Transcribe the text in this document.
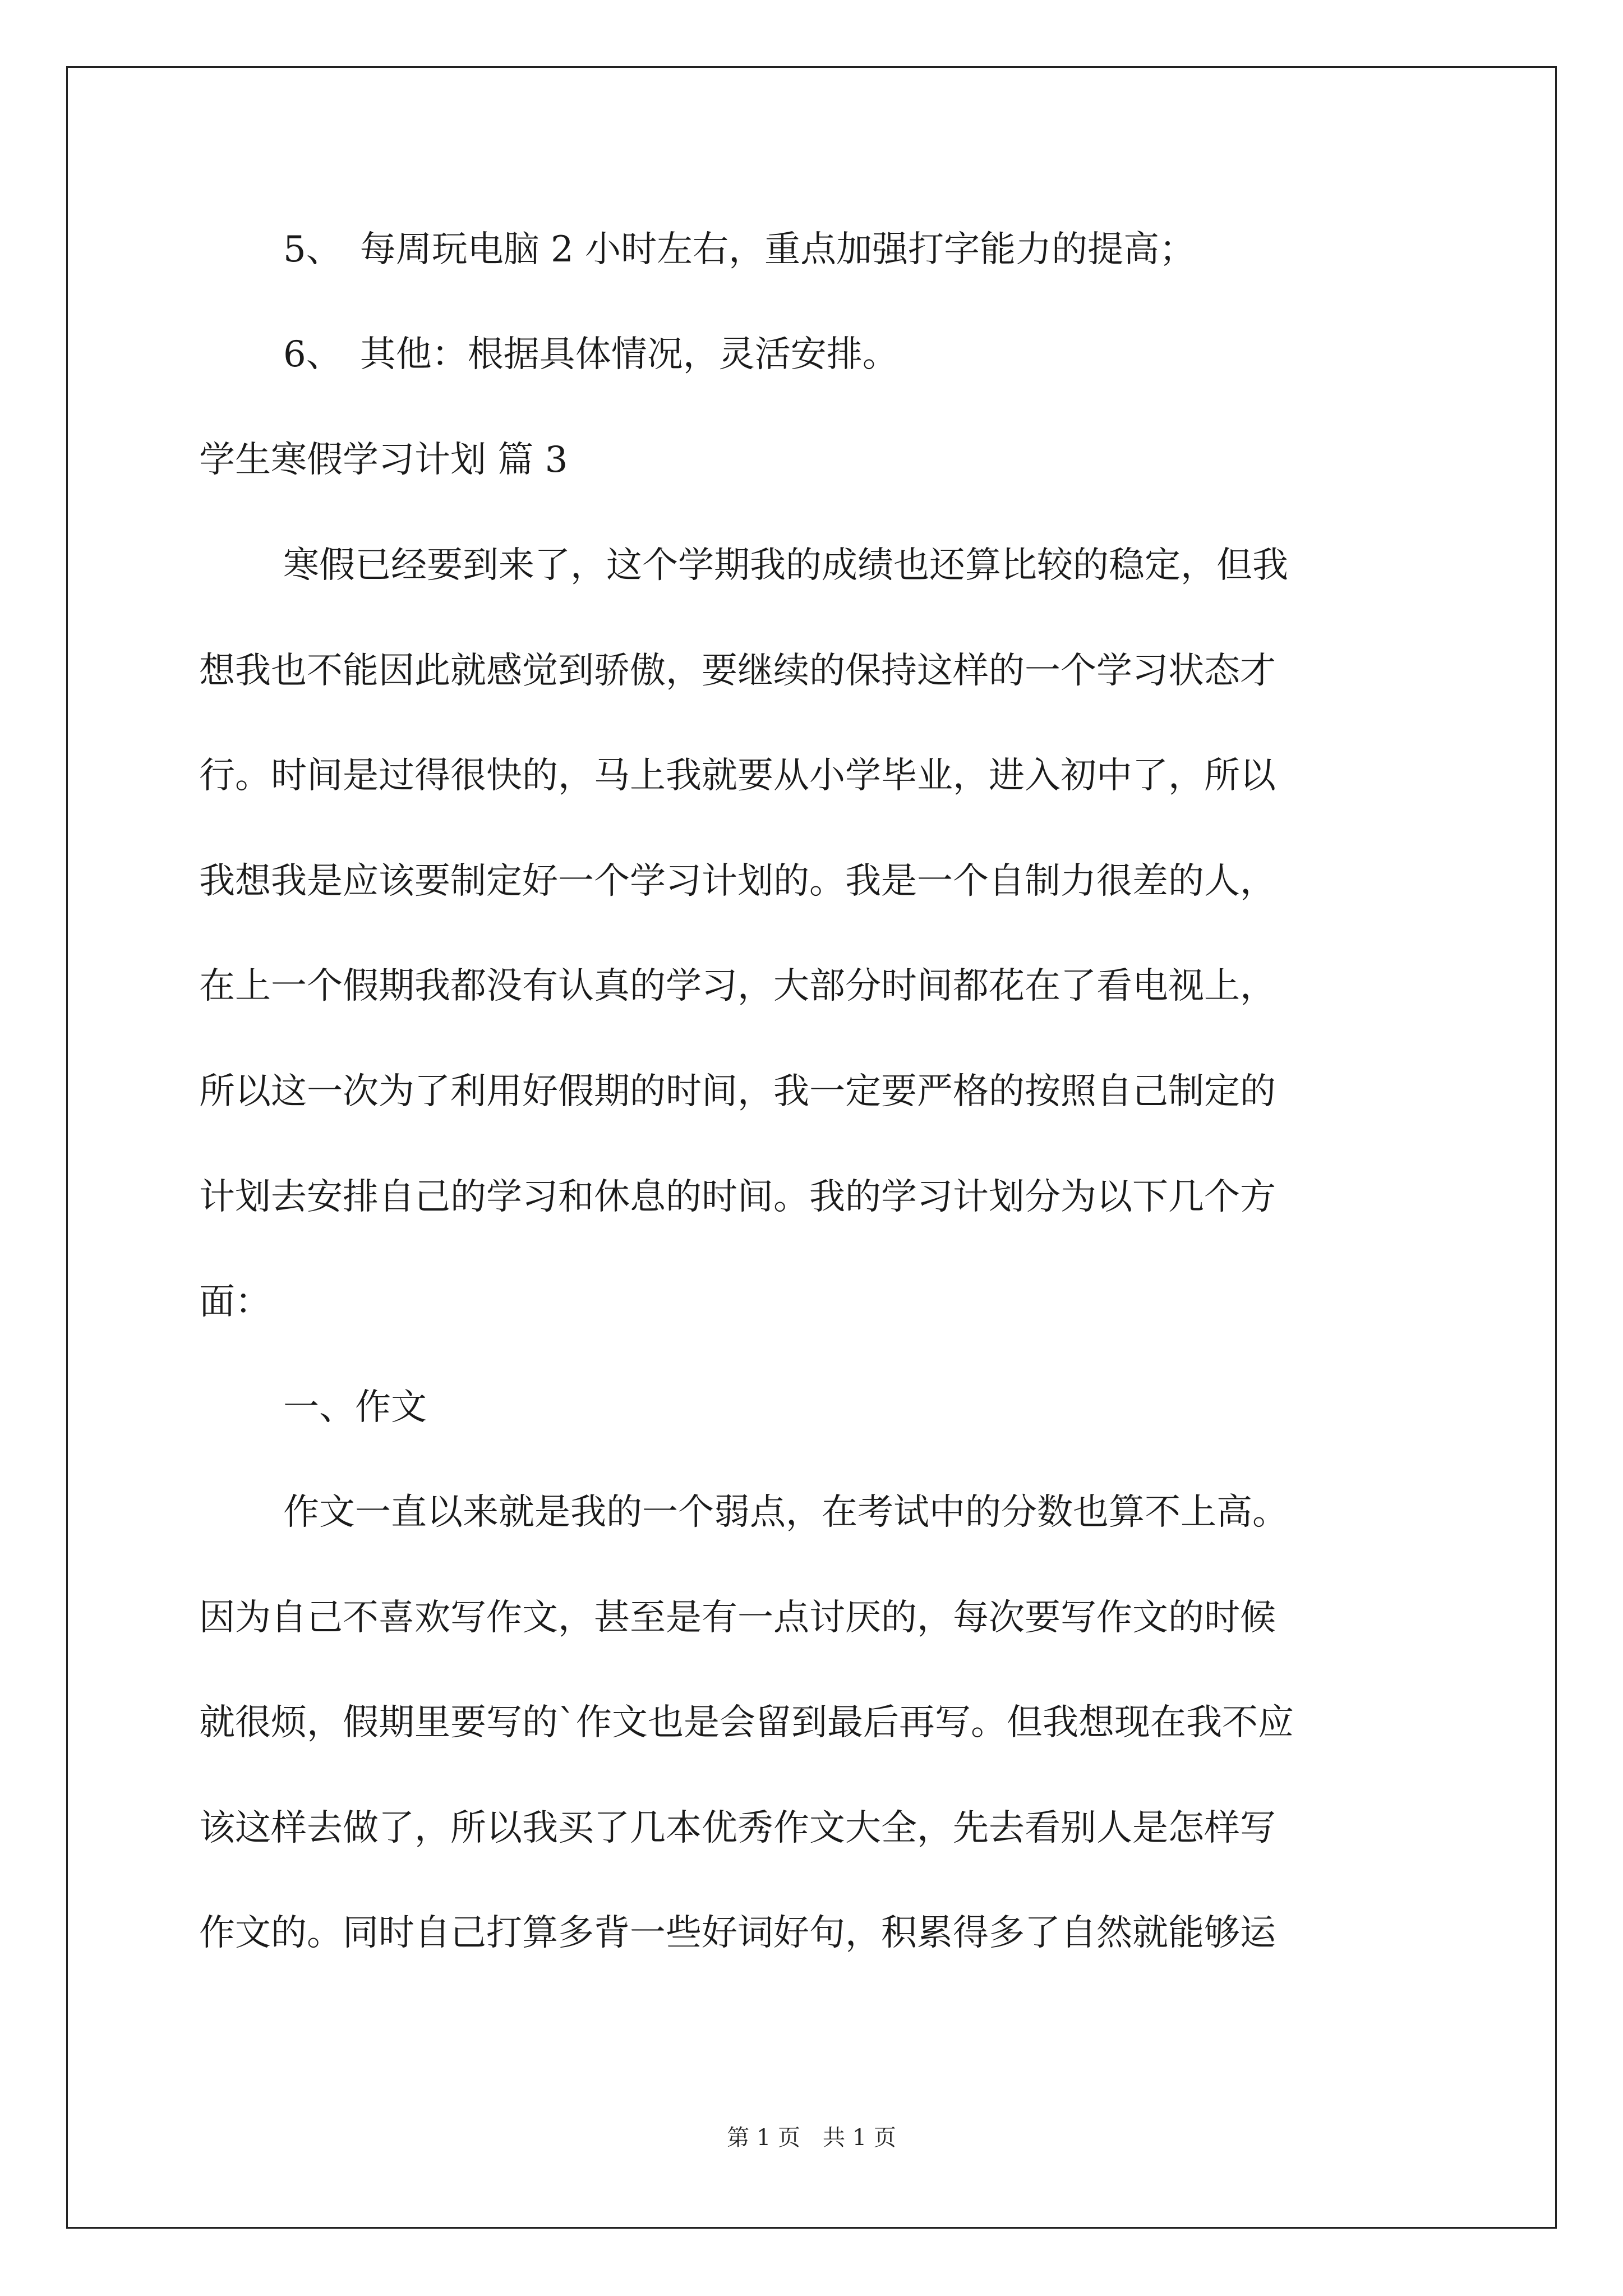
5、　每周玩电脑 2 小时左右，重点加强打字能力的提高；
6、　其他：根据具体情况，灵活安排。
学生寒假学习计划 篇 3
寒假已经要到来了，这个学期我的成绩也还算比较的稳定，但我
想我也不能因此就感觉到骄傲，要继续的保持这样的一个学习状态才
行。时间是过得很快的，马上我就要从小学毕业，进入初中了，所以
我想我是应该要制定好一个学习计划的。我是一个自制力很差的人，
在上一个假期我都没有认真的学习，大部分时间都花在了看电视上，
所以这一次为了利用好假期的时间，我一定要严格的按照自己制定的
计划去安排自己的学习和休息的时间。我的学习计划分为以下几个方
面：
一、作文
作文一直以来就是我的一个弱点，在考试中的分数也算不上高。
因为自己不喜欢写作文，甚至是有一点讨厌的，每次要写作文的时候
就很烦，假期里要写的`作文也是会留到最后再写。但我想现在我不应
该这样去做了，所以我买了几本优秀作文大全，先去看别人是怎样写
作文的。同时自己打算多背一些好词好句，积累得多了自然就能够运
第 1 页　共 1 页
